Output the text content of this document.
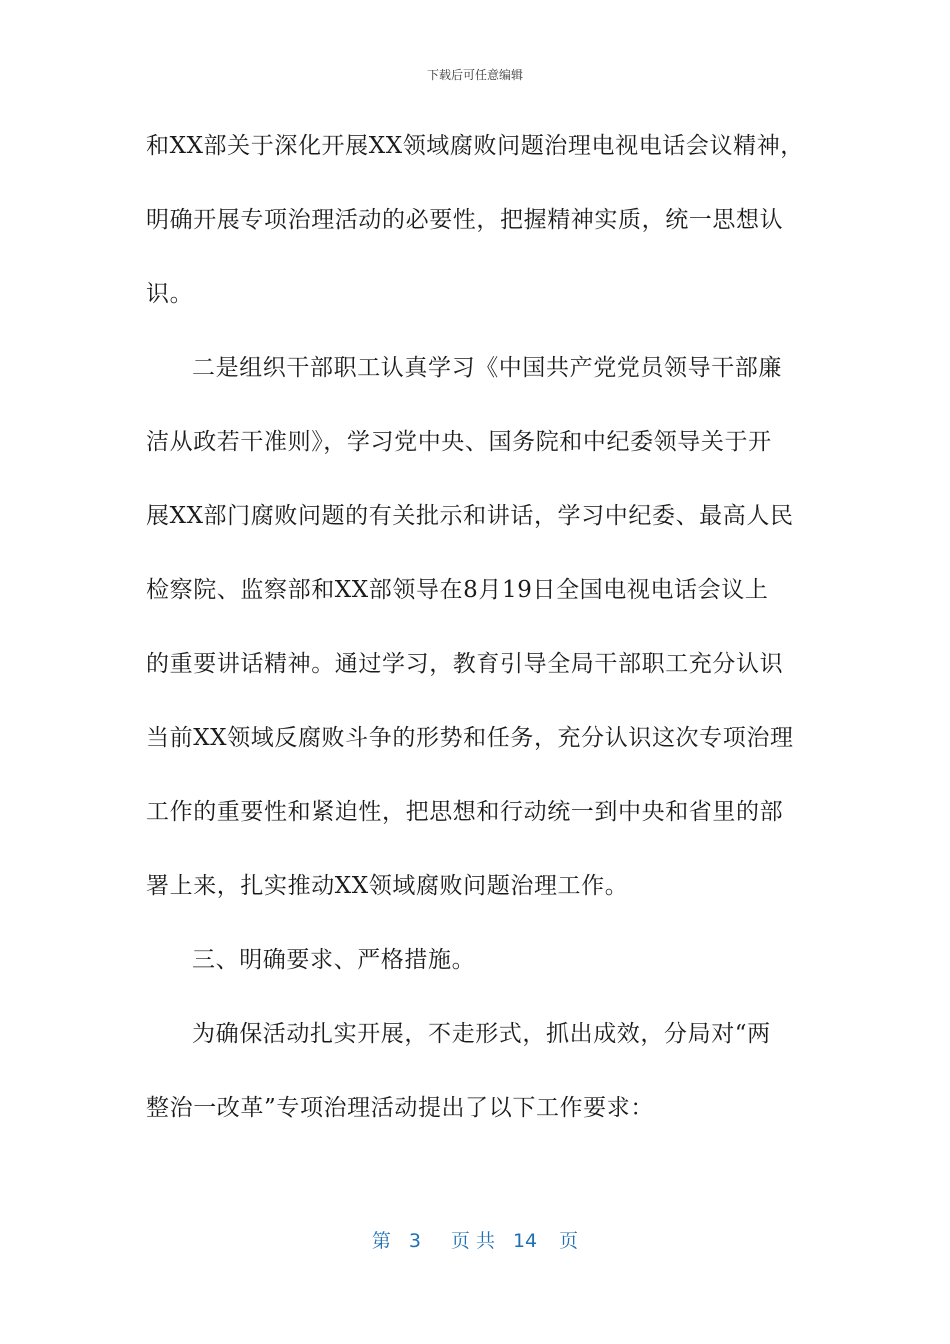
下载后可任意编辑
和XX部关于深化开展XX领域腐败问题治理电视电话会议精神，
明确开展专项治理活动的必要性，把握精神实质，统一思想认
识。
二是组织干部职工认真学习《中国共产党党员领导干部廉
洁从政若干准则》，学习党中央、国务院和中纪委领导关于开
展XX部门腐败问题的有关批示和讲话，学习中纪委、最高人民
检察院、监察部和XX部领导在8月19日全国电视电话会议上
的重要讲话精神。通过学习，教育引导全局干部职工充分认识
当前XX领域反腐败斗争的形势和任务，充分认识这次专项治理
工作的重要性和紧迫性，把思想和行动统一到中央和省里的部
署上来，扎实推动XX领域腐败问题治理工作。
三、明确要求、严格措施。
为确保活动扎实开展，不走形式，抓出成效，分局对“两
整治一改革”专项治理活动提出了以下工作要求：
第 3 页 共 14 页
